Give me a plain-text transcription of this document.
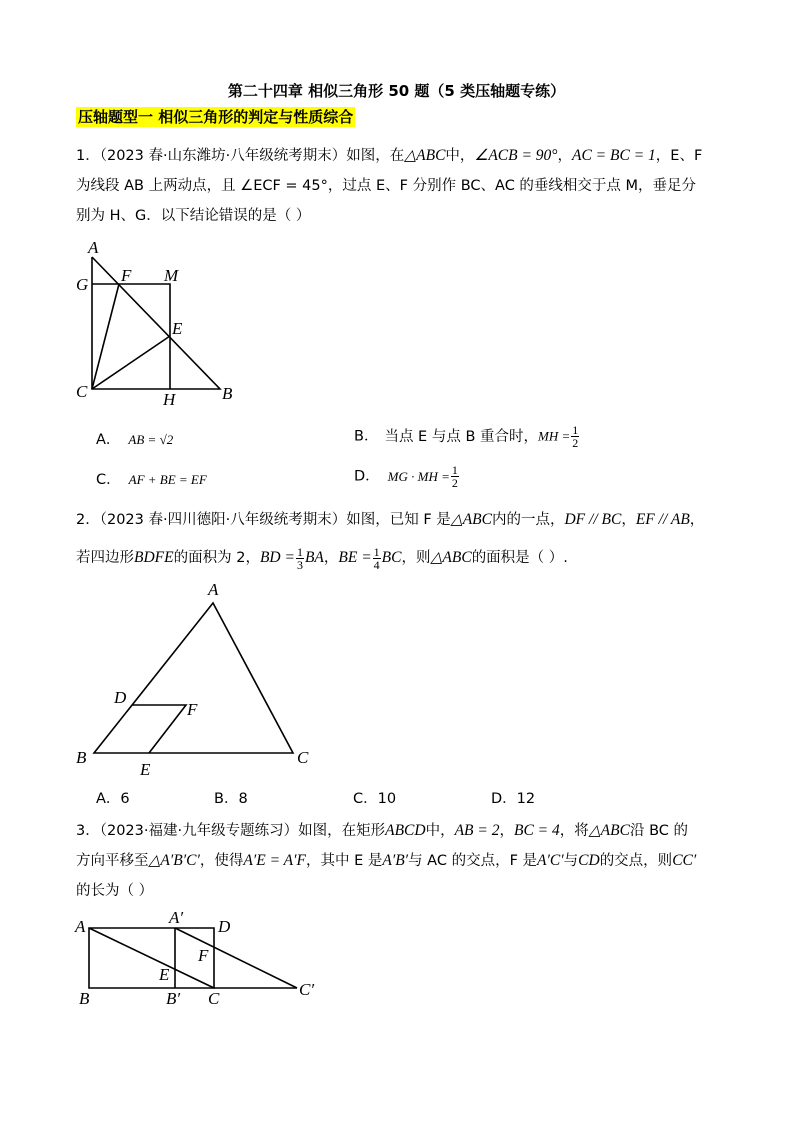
第二十四章 相似三角形 50 题（5 类压轴题专练）
压轴题型一 相似三角形的判定与性质综合
1．（2023 春·山东潍坊·八年级统考期末）如图，在△ABC中，∠ACB = 90°，AC = BC = 1，E、F
为线段 AB 上两动点，且 ∠ECF = 45°，过点 E、F 分别作 BC、AC 的垂线相交于点 M，垂足分
别为 H、G．以下结论错误的是（ ）
A
F M
G
E
C	H	B
A． AB = √2	B． 当点 E 与点 B 重合时，MH = $\frac{1}{2}$
C． AF + BE = EF	D． MG · MH = $\frac{1}{2}$
2．（2023 春·四川德阳·八年级统考期末）如图，已知 F 是△ABC内的一点，DF // BC，EF // AB，
若四边形BDFE的面积为 2，BD = $\frac{1}{3}$ BA，BE = $\frac{1}{4}$ BC，则△ABC的面积是（ ）.
A
D
F
B
E
C
A．6	B．8	C．10	D．12
3．（2023·福建·九年级专题练习）如图，在矩形ABCD中，AB = 2，BC = 4，将△ABC沿 BC 的
方向平移至△A′B′C′，使得A′E = A′F，其中 E 是A′B′与 AC 的交点，F 是A′C′与CD的交点，则CC′
的长为（ ）
A	A′ D
F
E
B	B′ C	C′
